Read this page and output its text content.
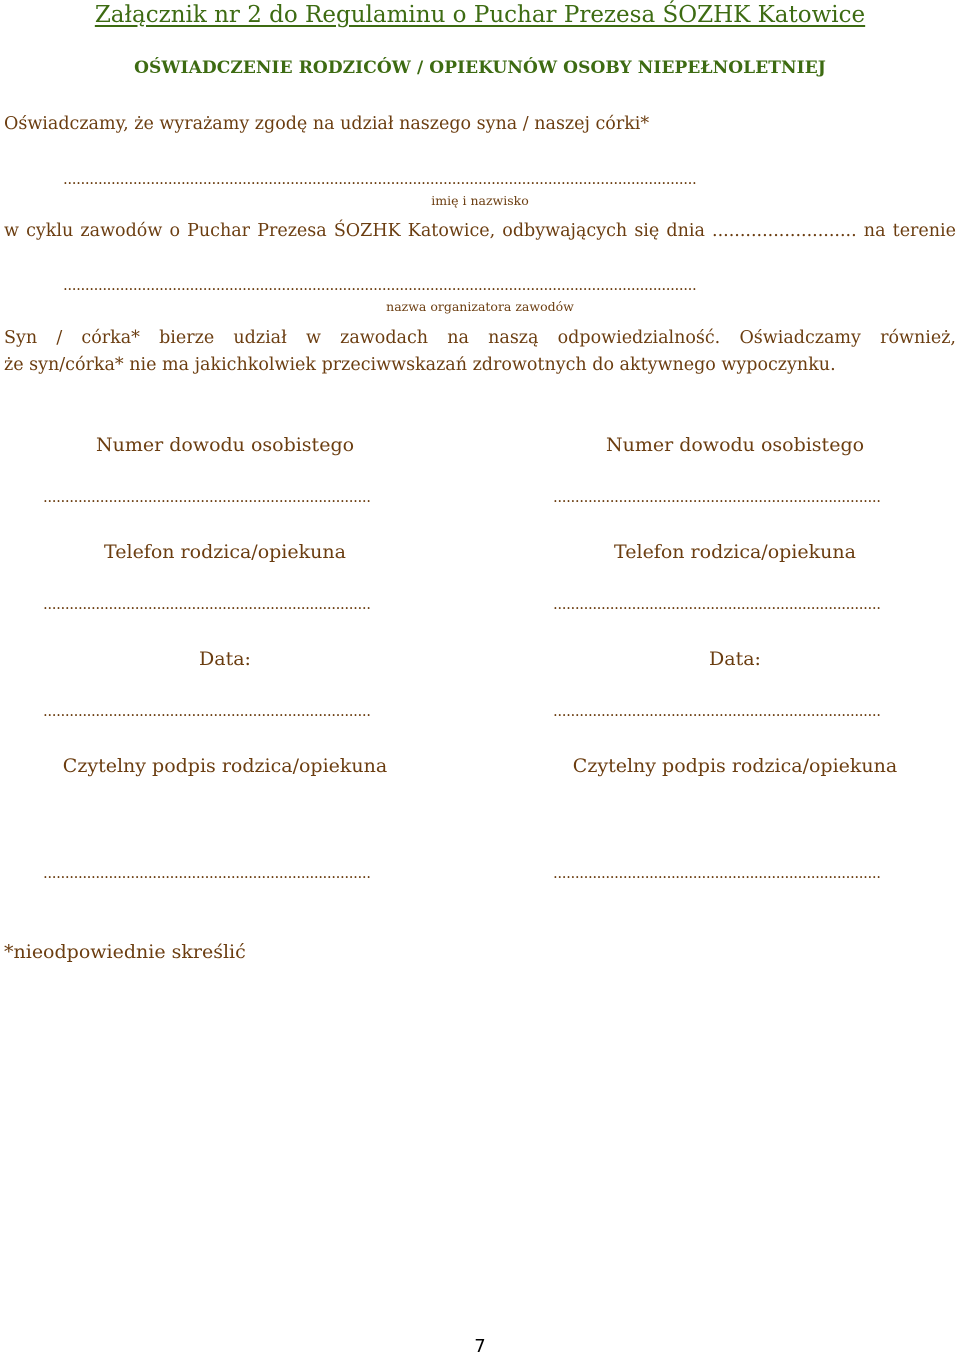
Załącznik nr 2 do Regulaminu o Puchar Prezesa ŚOZHK Katowice
OŚWIADCZENIE RODZICÓW / OPIEKUNÓW OSOBY NIEPEŁNOLETNIEJ
Oświadczamy, że wyrażamy zgodę na udział naszego syna / naszej córki*
.................................................................................................................................................
imię i nazwisko
w cyklu zawodów o Puchar Prezesa ŚOZHK Katowice, odbywających się dnia .......................... na terenie
.................................................................................................................................................
nazwa organizatora zawodów
Syn / córka* bierze udział w zawodach na naszą odpowiedzialność. Oświadczamy również,
że syn/córka* nie ma jakichkolwiek przeciwwskazań zdrowotnych do aktywnego wypoczynku.
Numer dowodu osobistego
...........................................................................
Telefon rodzica/opiekuna
...........................................................................
Data:
...........................................................................
Czytelny podpis rodzica/opiekuna
...........................................................................
Numer dowodu osobistego
...........................................................................
Telefon rodzica/opiekuna
...........................................................................
Data:
...........................................................................
Czytelny podpis rodzica/opiekuna
...........................................................................
*nieodpowiednie skreślić
7
